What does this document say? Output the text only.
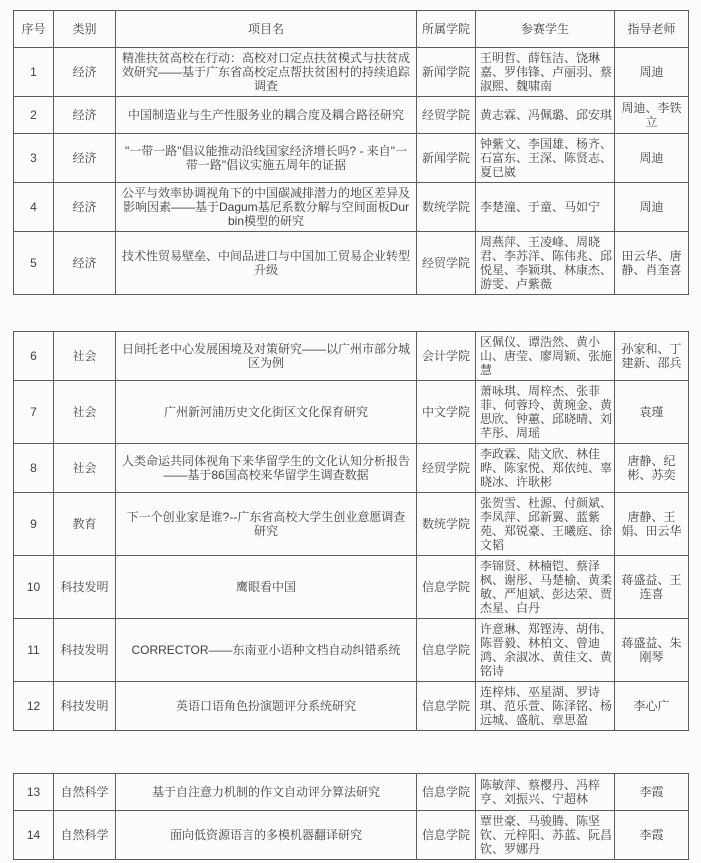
序号	类别	项目名	所属学院	参赛学生	指导老师
1	经济	精准扶贫高校在行动：高校对口定点扶贫模式与扶贫成效研究——基于广东省高校定点帮扶贫困村的持续追踪调查	新闻学院	王明哲、薛钰洁、饶琳嘉、罗伟锋、卢丽羽、蔡淑熙、魏啸南	周迪
2	经济	中国制造业与生产性服务业的耦合度及耦合路径研究	经贸学院	黄志霖、冯佩璐、邱安琪	周迪、李铁立
3	经济	"一带一路"倡议能推动沿线国家经济增长吗? - 来自"一带一路"倡议实施五周年的证据	新闻学院	钟紫文、李国雄、杨齐、石富东、王深、陈贤志、夏已崴	周迪
4	经济	公平与效率协调视角下的中国碳减排潜力的地区差异及影响因素——基于Dagum基尼系数分解与空间面板Durbin模型的研究	数统学院	李楚潼、于童、马如宁	周迪
5	经济	技术性贸易壁垒、中间品进口与中国加工贸易企业转型升级	经贸学院	周燕萍、王凌峰、周晓君、李苏洋、陈伟兆、邱悦星、李颖琪、林康杰、游雯、卢紫薇	田云华、唐静、肖奎喜
6	社会	日间托老中心发展困境及对策研究——以广州市部分城区为例	会计学院	区佩仪、谭浩然、黄小山、唐莹、廖周颖、张施慧	孙家和、丁建新、邵兵
7	社会	广州新河浦历史文化街区文化保育研究	中文学院	萧咏琪、周梓杰、张菲菲、何蓉玲、黄琬金、黄思欣、钟蕙、邱晓晴、刘芊彤、周瑶	袁瑾
8	社会	人类命运共同体视角下来华留学生的文化认知分析报告——基于86国高校来华留学生调查数据	经贸学院	李政霖、陆文欣、林佳晔、陈家悦、郑依纯、辜晓冰、许耿彬	唐静、纪彬、苏奕
9	教育	下一个创业家是谁?--广东省高校大学生创业意愿调查研究	数统学院	张贺雪、杜源、付颜斌、李凤萍、邱新翼、蓝紫苑、郑锐豪、王曦庭、徐文韬	唐静、王娟、田云华
10	科技发明	鹰眼看中国	信息学院	李锦贤、林楠铠、蔡泽枫、谢彤、马楚榆、黄柔敏、严旭斌、彭达荣、贾杰星、白丹	蒋盛益、王连喜
11	科技发明	CORRECTOR——东南亚小语种文档自动纠错系统	信息学院	许意琳、郑铿涛、胡伟、陈晋毅、林柏文、曾迪鸿、余淑冰、黄佳文、黄铭诗	蒋盛益、朱刚琴
12	科技发明	英语口语角色扮演题评分系统研究	信息学院	连梓炜、巫星湖、罗诗琪、范乐萱、陈泽铭、杨远城、盛航、章思盈	李心广
13	自然科学	基于自注意力机制的作文自动评分算法研究	信息学院	陈敏萍、蔡樱丹、冯梓亨、刘振兴、宁超林	李霞
14	自然科学	面向低资源语言的多模机器翻译研究	信息学院	覃世豪、马骏腾、陈坚钦、元梓阳、苏蓝、阮昌钦、罗娜丹	李霞
